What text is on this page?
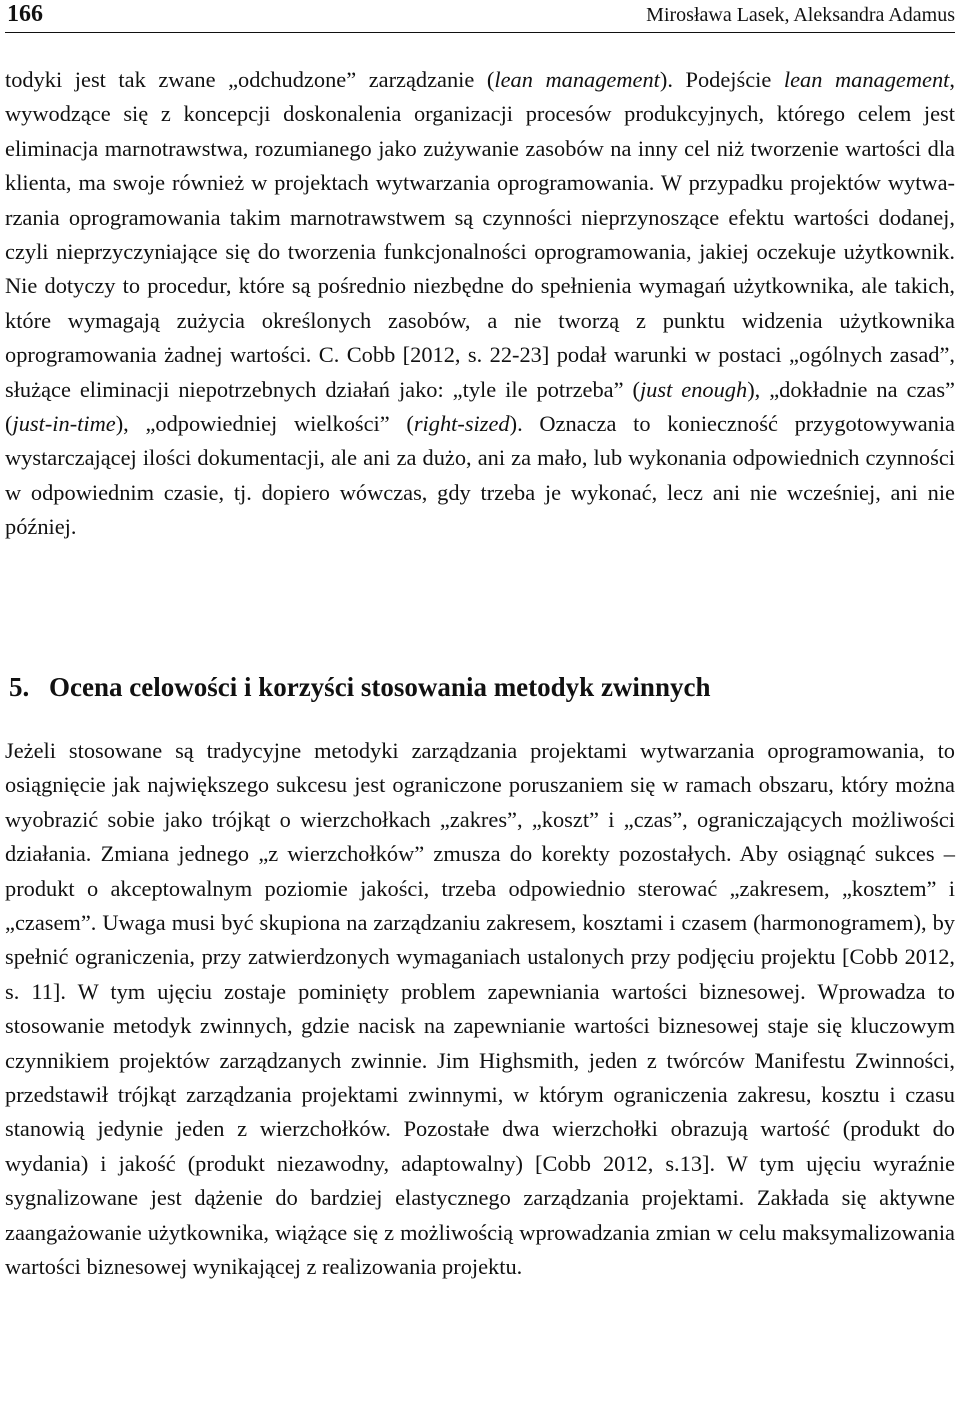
166	Mirosława Lasek, Aleksandra Adamus

todyki jest tak zwane „odchudzone” zarządzanie (lean management). Podejście lean management, wywodzące się z koncepcji doskonalenia organizacji procesów produkcyjnych, którego celem jest eliminacja marnotrawstwa, rozumianego jako zużywanie zasobów na inny cel niż tworzenie wartości dla klienta, ma swoje również w projektach wytwarzania oprogramowania. W przypadku projektów wytwarzania oprogramowania takim marnotrawstwem są czynności nieprzynoszące efektu wartości dodanej, czyli nieprzyczyniające się do tworzenia funkcjonalności oprogramowania, jakiej oczekuje użytkownik. Nie dotyczy to procedur, które są pośrednio niezbędne do spełnienia wymagań użytkownika, ale takich, które wymagają zużycia określonych zasobów, a nie tworzą z punktu widzenia użytkownika oprogramowania żadnej wartości. C. Cobb [2012, s. 22-23] podał warunki w postaci „ogólnych zasad”, służące eliminacji niepotrzebnych działań jako: „tyle ile potrzeba” (just enough), „dokładnie na czas” (just-in-time), „odpowiedniej wielkości” (right-sized). Oznacza to konieczność przygotowywania wystarczającej ilości dokumentacji, ale ani za dużo, ani za mało, lub wykonania odpowiednich czynności w odpowiednim czasie, tj. dopiero wówczas, gdy trzeba je wykonać, lecz ani nie wcześniej, ani nie później.

5. Ocena celowości i korzyści stosowania metodyk zwinnych

Jeżeli stosowane są tradycyjne metodyki zarządzania projektami wytwarzania oprogramowania, to osiągnięcie jak największego sukcesu jest ograniczone poruszaniem się w ramach obszaru, który można wyobrazić sobie jako trójkąt o wierzchołkach „zakres”, „koszt” i „czas”, ograniczających możliwości działania. Zmiana jednego „z wierzchołków” zmusza do korekty pozostałych. Aby osiągnąć sukces – produkt o akceptowalnym poziomie jakości, trzeba odpowiednio sterować „zakresem, „kosztem” i „czasem”. Uwaga musi być skupiona na zarządzaniu zakresem, kosztami i czasem (harmonogramem), by spełnić ograniczenia, przy zatwierdzonych wymaganiach ustalonych przy podjęciu projektu [Cobb 2012, s. 11]. W tym ujęciu zostaje pominięty problem zapewniania wartości biznesowej. Wprowadza to stosowanie metodyk zwinnych, gdzie nacisk na zapewnianie wartości biznesowej staje się kluczowym czynnikiem projektów zarządzanych zwinnie. Jim Highsmith, jeden z twórców Manifestu Zwinności, przedstawił trójkąt zarządzania projektami zwinnymi, w którym ograniczenia zakresu, kosztu i czasu stanowią jedynie jeden z wierzchołków. Pozostałe dwa wierzchołki obrazują wartość (produkt do wydania) i jakość (produkt niezawodny, adaptowalny) [Cobb 2012, s.13]. W tym ujęciu wyraźnie sygnalizowane jest dążenie do bardziej elastycznego zarządzania projektami. Zakłada się aktywne zaangażowanie użytkownika, wiążące się z możliwością wprowadzania zmian w celu maksymalizowania wartości biznesowej wynikającej z realizowania projektu.
